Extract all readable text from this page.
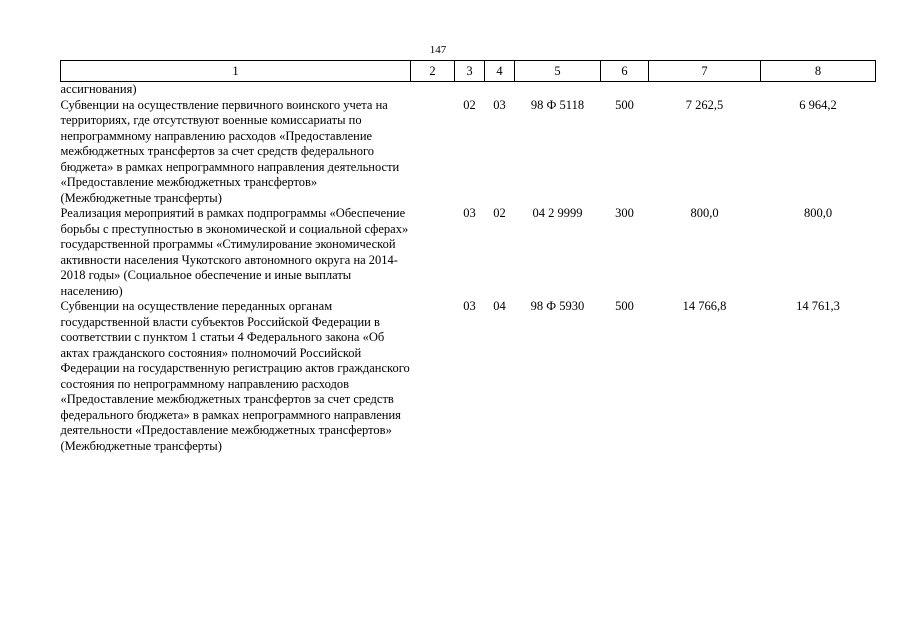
147
1	2	3	4	5	6	7	8
ассигнования)							
Субвенции на осуществление первичного воинского учета на территориях, где отсутствуют военные комиссариаты по непрограммному направлению расходов «Предоставление межбюджетных трансфертов за счет средств федерального бюджета» в рамках непрограммного направления деятельности «Предоставление межбюджетных трансфертов» (Межбюджетные трансферты)		02	03	98 Ф 5118	500	7 262,5	6 964,2
Реализация мероприятий в рамках подпрограммы «Обеспечение борьбы с преступностью в экономической и социальной сферах» государственной программы «Стимулирование экономической активности населения Чукотского автономного округа на 2014-2018 годы» (Социальное обеспечение и иные выплаты населению)		03	02	04 2 9999	300	800,0	800,0
Субвенции на осуществление переданных органам государственной власти субъектов Российской Федерации в соответствии с пунктом 1 статьи 4 Федерального закона «Об актах гражданского состояния» полномочий Российской Федерации на государственную регистрацию актов гражданского состояния по непрограммному направлению расходов «Предоставление межбюджетных трансфертов за счет средств федерального бюджета» в рамках непрограммного направления деятельности «Предоставление межбюджетных трансфертов» (Межбюджетные трансферты)		03	04	98 Ф 5930	500	14 766,8	14 761,3
